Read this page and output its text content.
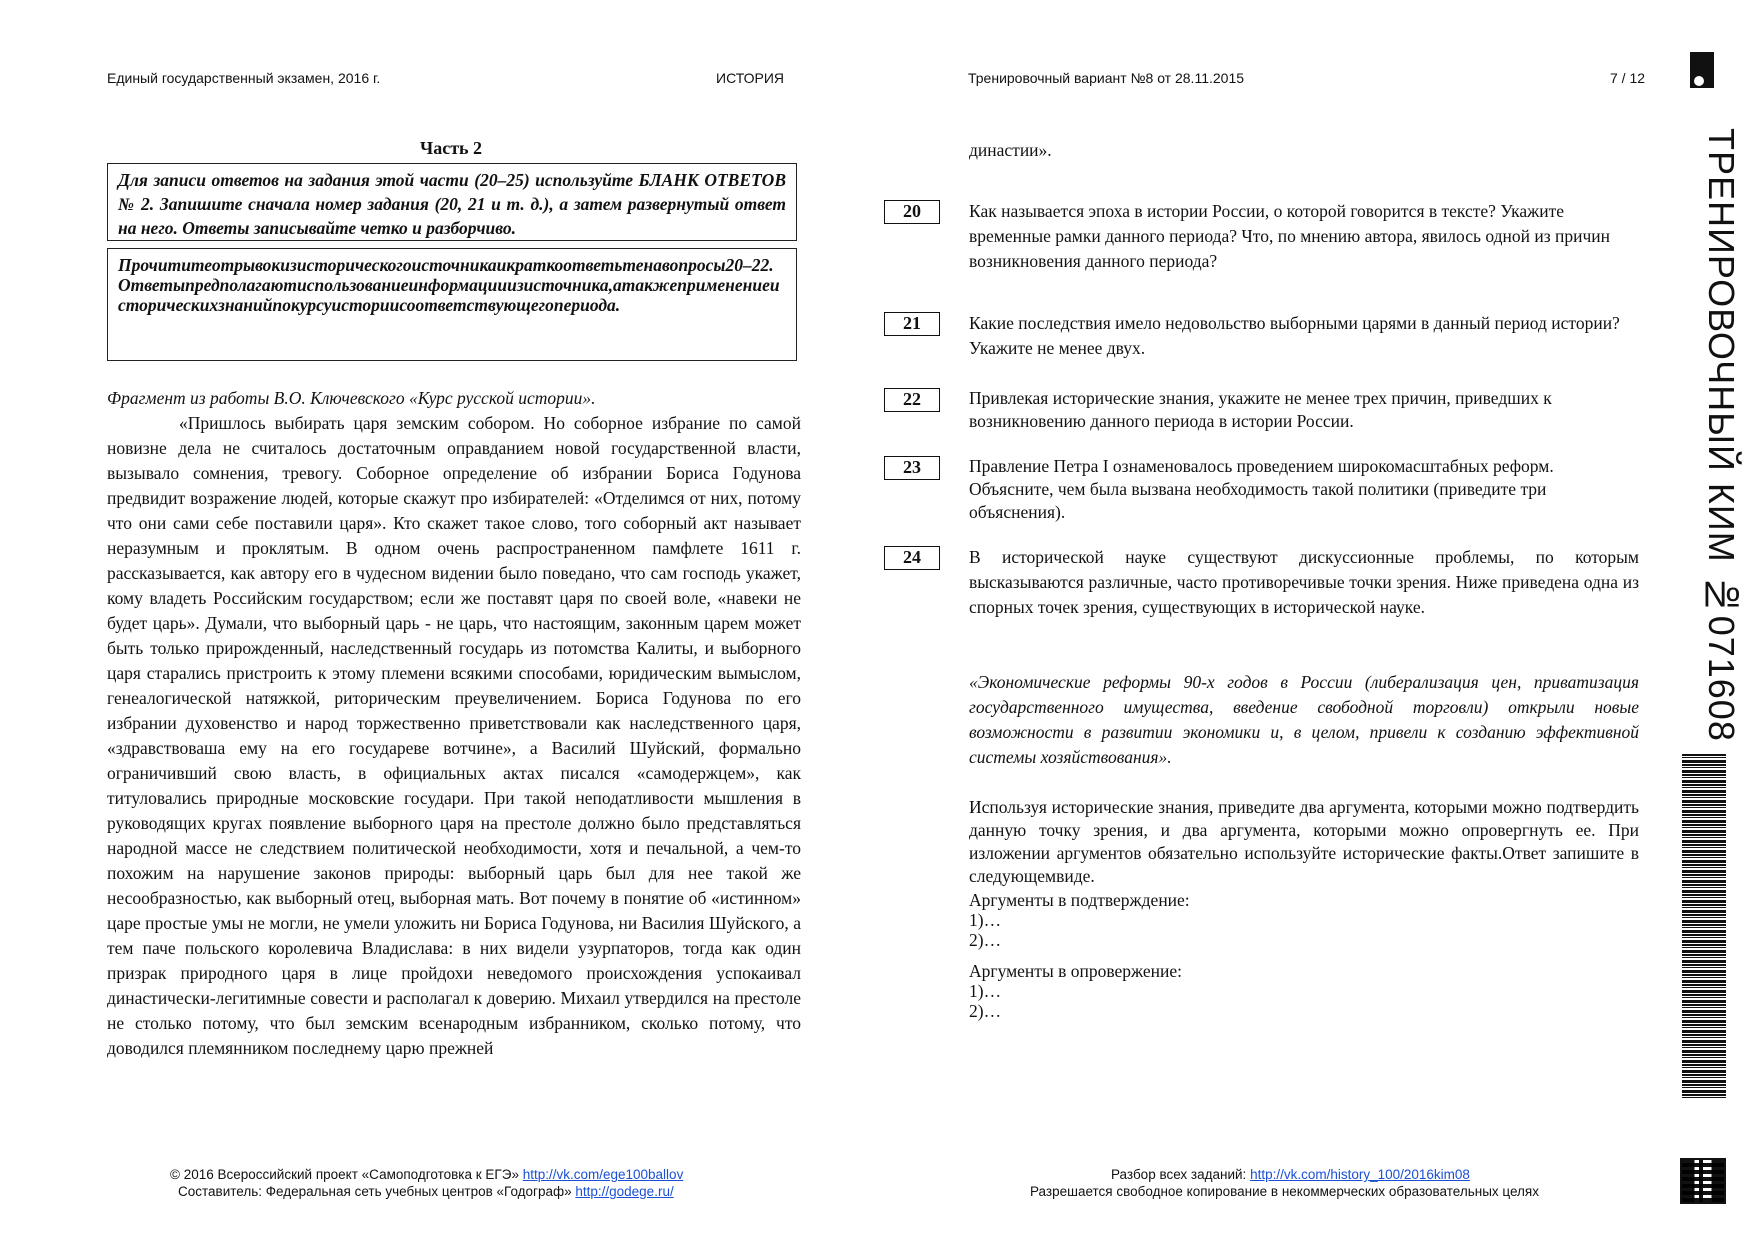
Единый государственный экзамен, 2016 г.	ИСТОРИЯ	Тренировочный вариант №8 от 28.11.2015	7 / 12
Часть 2
Для записи ответов на задания этой части (20–25) используйте БЛАНК ОТВЕТОВ № 2. Запишите сначала номер задания (20, 21 и т. д.), а затем развернутый ответ на него. Ответы записывайте четко и разборчиво.
Прочититеотрывокизисторическогоисточникаикраткоответьтенавопросы20–22.Ответыпредполагаютиспользованиеинформацииизисточника,атакжеприменениеисторическихзнанийпокурсуисториисоответствующегопериода.
Фрагмент из работы В.О. Ключевского «Курс русской истории».

«Пришлось выбирать царя земским собором. Но соборное избрание по самой новизне дела не считалось достаточным оправданием новой государственной власти, вызывало сомнения, тревогу. Соборное определение об избрании Бориса Годунова предвидит возражение людей, которые скажут про избирателей: «Отделимся от них, потому что они сами себе поставили царя». Кто скажет такое слово, того соборный акт называет неразумным и проклятым. В одном очень распространенном памфлете 1611 г. рассказывается, как автору его в чудесном видении было поведано, что сам господь укажет, кому владеть Российским государством; если же поставят царя по своей воле, «навеки не будет царь». Думали, что выборный царь - не царь, что настоящим, законным царем может быть только прирожденный, наследственный государь из потомства Калиты, и выборного царя старались пристроить к этому племени всякими способами, юридическим вымыслом, генеалогической натяжкой, риторическим преувеличением. Бориса Годунова по его избрании духовенство и народ торжественно приветствовали как наследственного царя, «здравствоваша ему на его государеве вотчине», а Василий Шуйский, формально ограничивший свою власть, в официальных актах писался «самодержцем», как титуловались природные московские государи. При такой неподатливости мышления в руководящих кругах появление выборного царя на престоле должно было представляться народной массе не следствием политической необходимости, хотя и печальной, а чем-то похожим на нарушение законов природы: выборный царь был для нее такой же несообразностью, как выборный отец, выборная мать. Вот почему в понятие об «истинном» царе простые умы не могли, не умели уложить ни Бориса Годунова, ни Василия Шуйского, а тем паче польского королевича Владислава: в них видели узурпаторов, тогда как один призрак природного царя в лице пройдохи неведомого происхождения успокаивал династически-легитимные совести и располагал к доверию. Михаил утвердился на престоле не столько потому, что был земским всенародным избранником, сколько потому, что доводился племянником последнему царю прежней

династии».
20	Как называется эпоха в истории России, о которой говорится в тексте? Укажите временные рамки данного периода? Что, по мнению автора, явилось одной из причин возникновения данного периода?

21	Какие последствия имело недовольство выборными царями в данный период истории? Укажите не менее двух.

22	Привлекая исторические знания, укажите не менее трех причин, приведших к возникновению данного периода в истории России.

23	Правление Петра I ознаменовалось проведением широкомасштабных реформ. Объясните, чем была вызвана необходимость такой политики (приведите три объяснения).

24	В исторической науке существуют дискуссионные проблемы, по которым высказываются различные, часто противоречивые точки зрения. Ниже приведена одна из спорных точек зрения, существующих в исторической науке.

«Экономические реформы 90-х годов в России (либерализация цен, приватизация государственного имущества, введение свободной торговли) открыли новые возможности в развитии экономики и, в целом, привели к созданию эффективной системы хозяйствования».

Используя исторические знания, приведите два аргумента, которыми можно подтвердить данную точку зрения, и два аргумента, которыми можно опровергнуть ее. При изложении аргументов обязательно используйте исторические факты.Ответ запишите в следующемвиде.

Аргументы в подтверждение:
1)…
2)…
Аргументы в опровержение:
1)…
2)…
© 2016 Всероссийский проект «Самоподготовка к ЕГЭ» http://vk.com/ege100ballov
Составитель: Федеральная сеть учебных центров «Годограф» http://godege.ru/
Разбор всех заданий: http://vk.com/history_100/2016kim08
Разрешается свободное копирование в некоммерческих образовательных целях
ТРЕНИРОВОЧНЫЙ КИМ №071608
